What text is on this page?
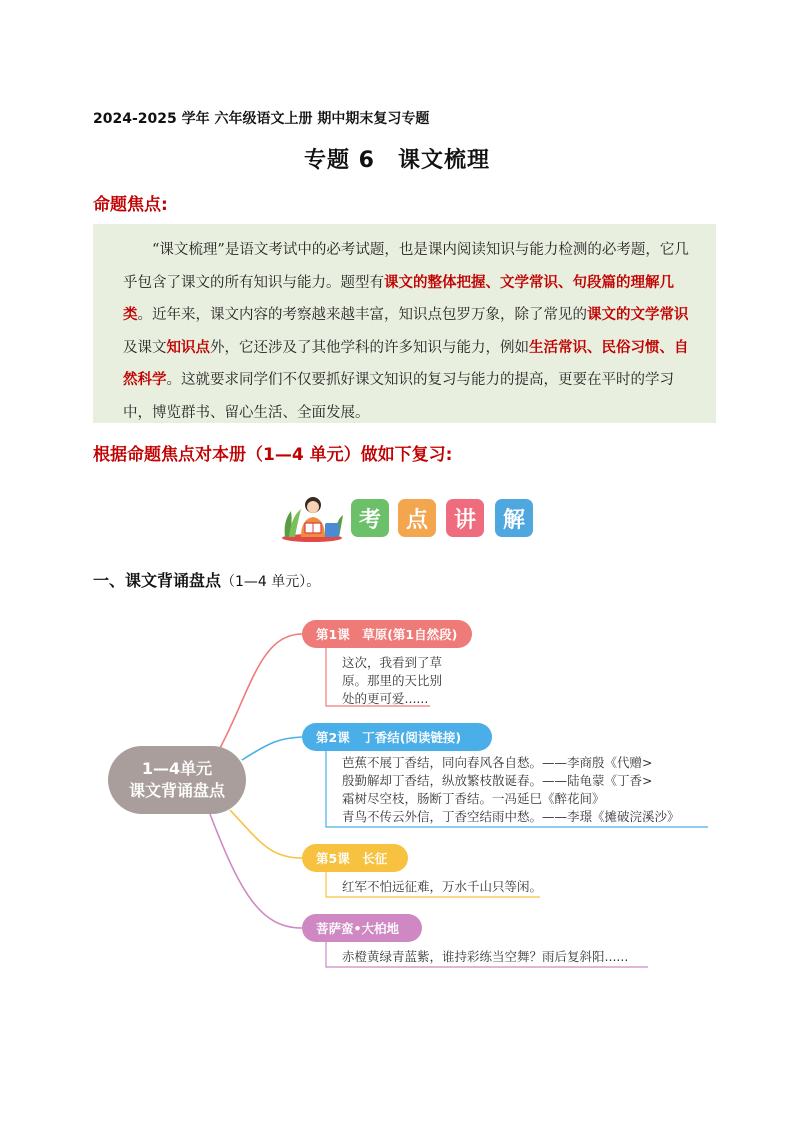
2024-2025 学年 六年级语文上册 期中期末复习专题
专题 6　课文梳理
命题焦点:

“课文梳理”是语文考试中的必考试题，也是课内阅读知识与能力检测的必考题，它几乎包含了课文的所有知识与能力。题型有课文的整体把握、文学常识、句段篇的理解几类。近年来，课文内容的考察越来越丰富，知识点包罗万象，除了常见的课文的文学常识及课文知识点外，它还涉及了其他学科的许多知识与能力，例如生活常识、民俗习惯、自然科学。这就要求同学们不仅要抓好课文知识的复习与能力的提高，更要在平时的学习中，博览群书、留心生活、全面发展。

根据命题焦点对本册（1—4 单元）做如下复习:
考	点	讲	解
一、课文背诵盘点（1—4 单元）。
1—4单元
课文背诵盘点
第1课　草原(第1自然段)
这次，我看到了草
原。那里的天比别
处的更可爱......
第2课　丁香结(阅读链接)
芭蕉不展丁香结，同向春风各自愁。——李商殷《代赠>
殷勤解却丁香结，纵放繁枝散诞春。——陆龟蒙《丁香>
霜树尽空枝，肠断丁香结。一冯延巳《醉花间》
青鸟不传云外信，丁香空结雨中愁。——李璟《摊破浣溪沙》
第5课　长征
红军不怕远征难，万水千山只等闲。
菩萨蛮•大柏地
赤橙黄绿青蓝紫，谁持彩练当空舞？雨后复斜阳......
